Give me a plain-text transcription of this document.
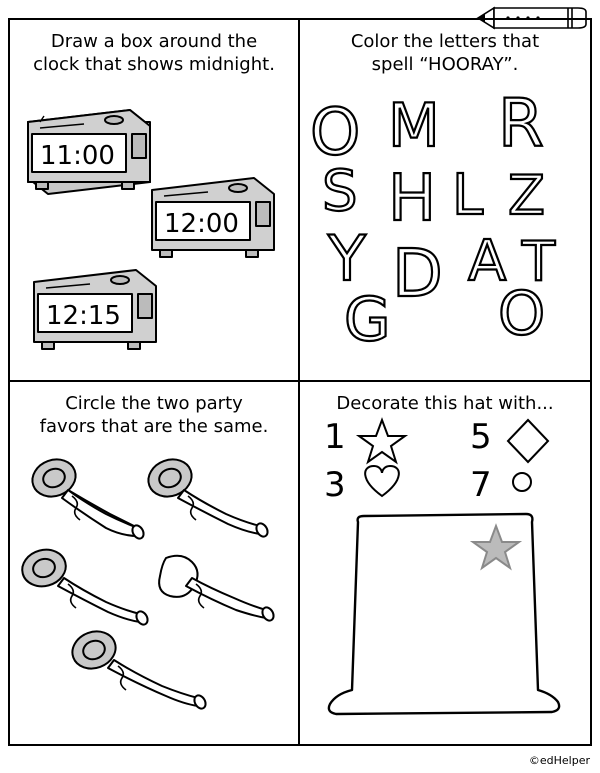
Draw a box around the
clock that shows midnight.
11:00
12:00
12:15
Color the letters that
spell “HOORAY”.
O M R
S H L Z
Y D A T
G O
Circle the two party
favors that are the same.
Decorate this hat with...
1	5
3	7
©edHelper
